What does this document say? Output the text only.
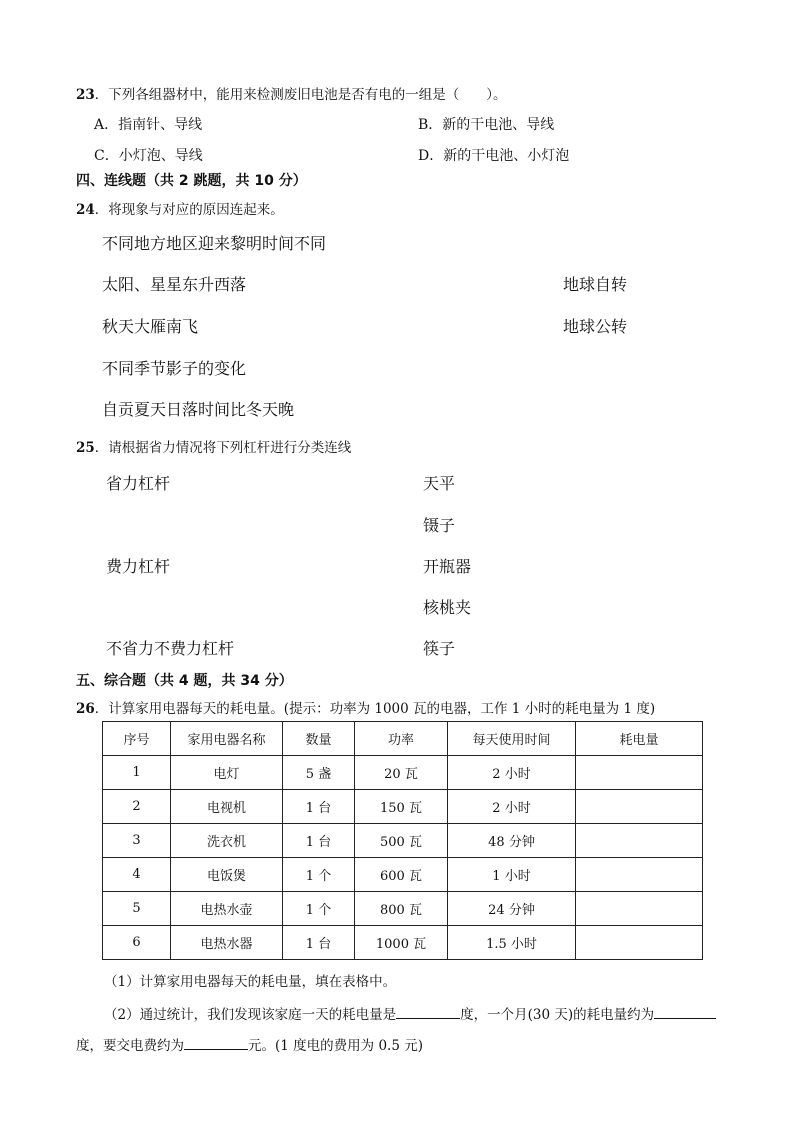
23．下列各组器材中，能用来检测废旧电池是否有电的一组是（　　）。
A．指南针、导线	B．新的干电池、导线
C．小灯泡、导线	D．新的干电池、小灯泡
四、连线题（共 2 跳题，共 10 分）
24．将现象与对应的原因连起来。
不同地方地区迎来黎明时间不同
太阳、星星东升西落
秋天大雁南飞
不同季节影子的变化
自贡夏天日落时间比冬天晚
地球自转
地球公转
25．请根据省力情况将下列杠杆进行分类连线
省力杠杆
费力杠杆
不省力不费力杠杆
天平
镊子
开瓶器
核桃夹
筷子
五、综合题（共 4 题，共 34 分）
26．计算家用电器每天的耗电量。(提示：功率为 1000 瓦的电器，工作 1 小时的耗电量为 1 度)
序号	家用电器名称	数量	功率	每天使用时间	耗电量
1	电灯	5 盏	20 瓦	2 小时	
2	电视机	1 台	150 瓦	2 小时	
3	洗衣机	1 台	500 瓦	48 分钟	
4	电饭煲	1 个	600 瓦	1 小时	
5	电热水壶	1 个	800 瓦	24 分钟	
6	电热水器	1 台	1000 瓦	1.5 小时	
（1）计算家用电器每天的耗电量，填在表格中。
（2）通过统计，我们发现该家庭一天的耗电量是	度，一个月(30 天)的耗电量约为
度，要交电费约为	元。(1 度电的费用为 0.5 元)
